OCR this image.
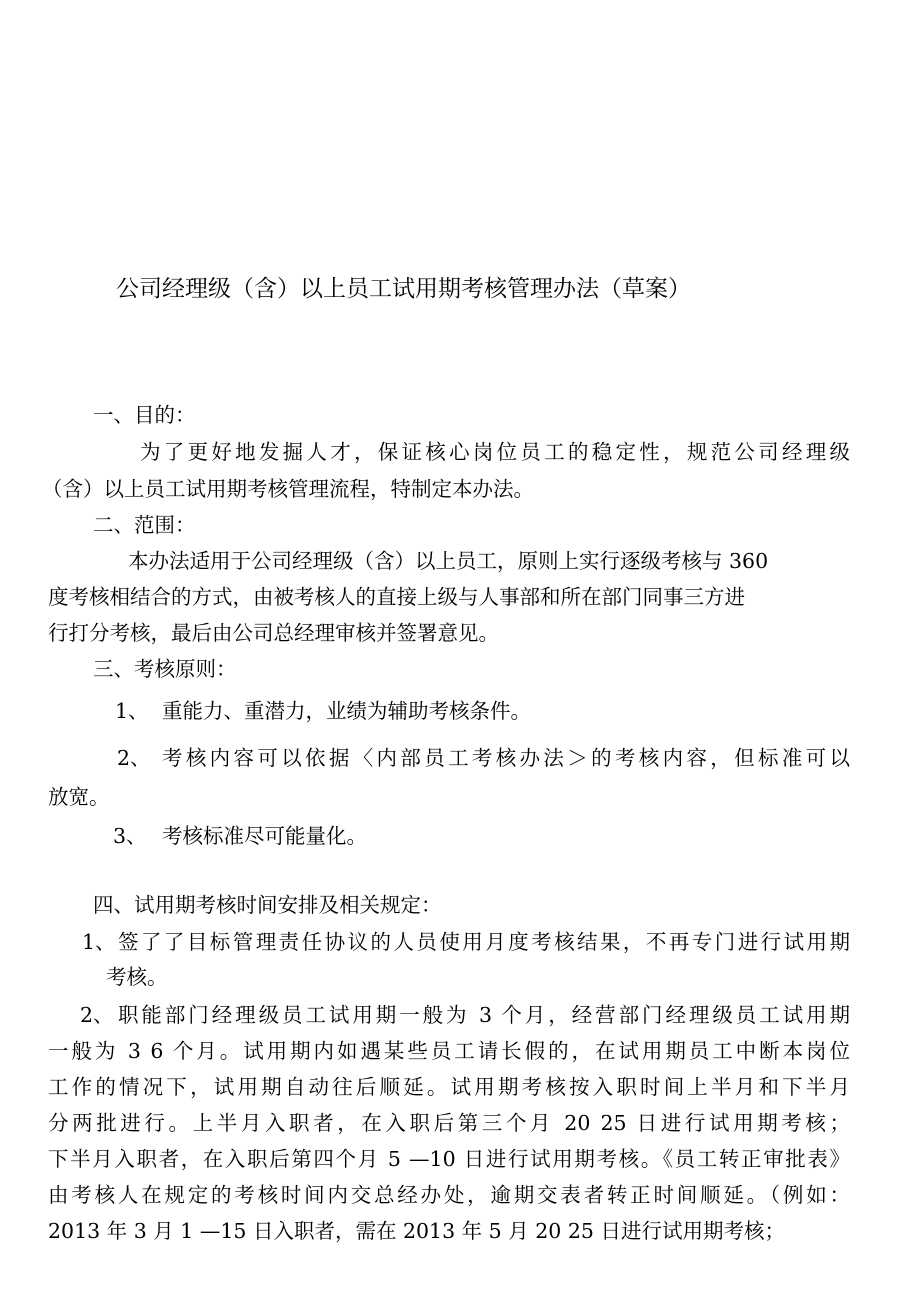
公司经理级（含）以上员工试用期考核管理办法（草案）

一、目的：

为了更好地发掘人才，保证核心岗位员工的稳定性，规范公司经理级

（含）以上员工试用期考核管理流程，特制定本办法。

二、范围：

本办法适用于公司经理级（含）以上员工，原则上实行逐级考核与 360

度考核相结合的方式，由被考核人的直接上级与人事部和所在部门同事三方进

行打分考核，最后由公司总经理审核并签署意见。

三、考核原则：

1、 重能力、重潜力，业绩为辅助考核条件。

2、 考核内容可以依据〈内部员工考核办法＞的考核内容，但标准可以

放宽。

3、 考核标准尽可能量化。

四、试用期考核时间安排及相关规定：

1、 签了了目标管理责任协议的人员使用月度考核结果，不再专门进行试用期

考核。

2、 职能部门经理级员工试用期一般为 3 个月，经营部门经理级员工试用期

一般为 3 6 个月。试用期内如遇某些员工请长假的，在试用期员工中断本岗位

工作的情况下，试用期自动往后顺延。试用期考核按入职时间上半月和下半月

分两批进行。上半月入职者，在入职后第三个月 20 25 日进行试用期考核；

下半月入职者，在入职后第四个月 5 —10 日进行试用期考核。《员工转正审批表》

由考核人在规定的考核时间内交总经办处，逾期交表者转正时间顺延。（例如：

2013 年 3 月 1 —15 日入职者，需在 2013 年 5 月 20 25 日进行试用期考核；
